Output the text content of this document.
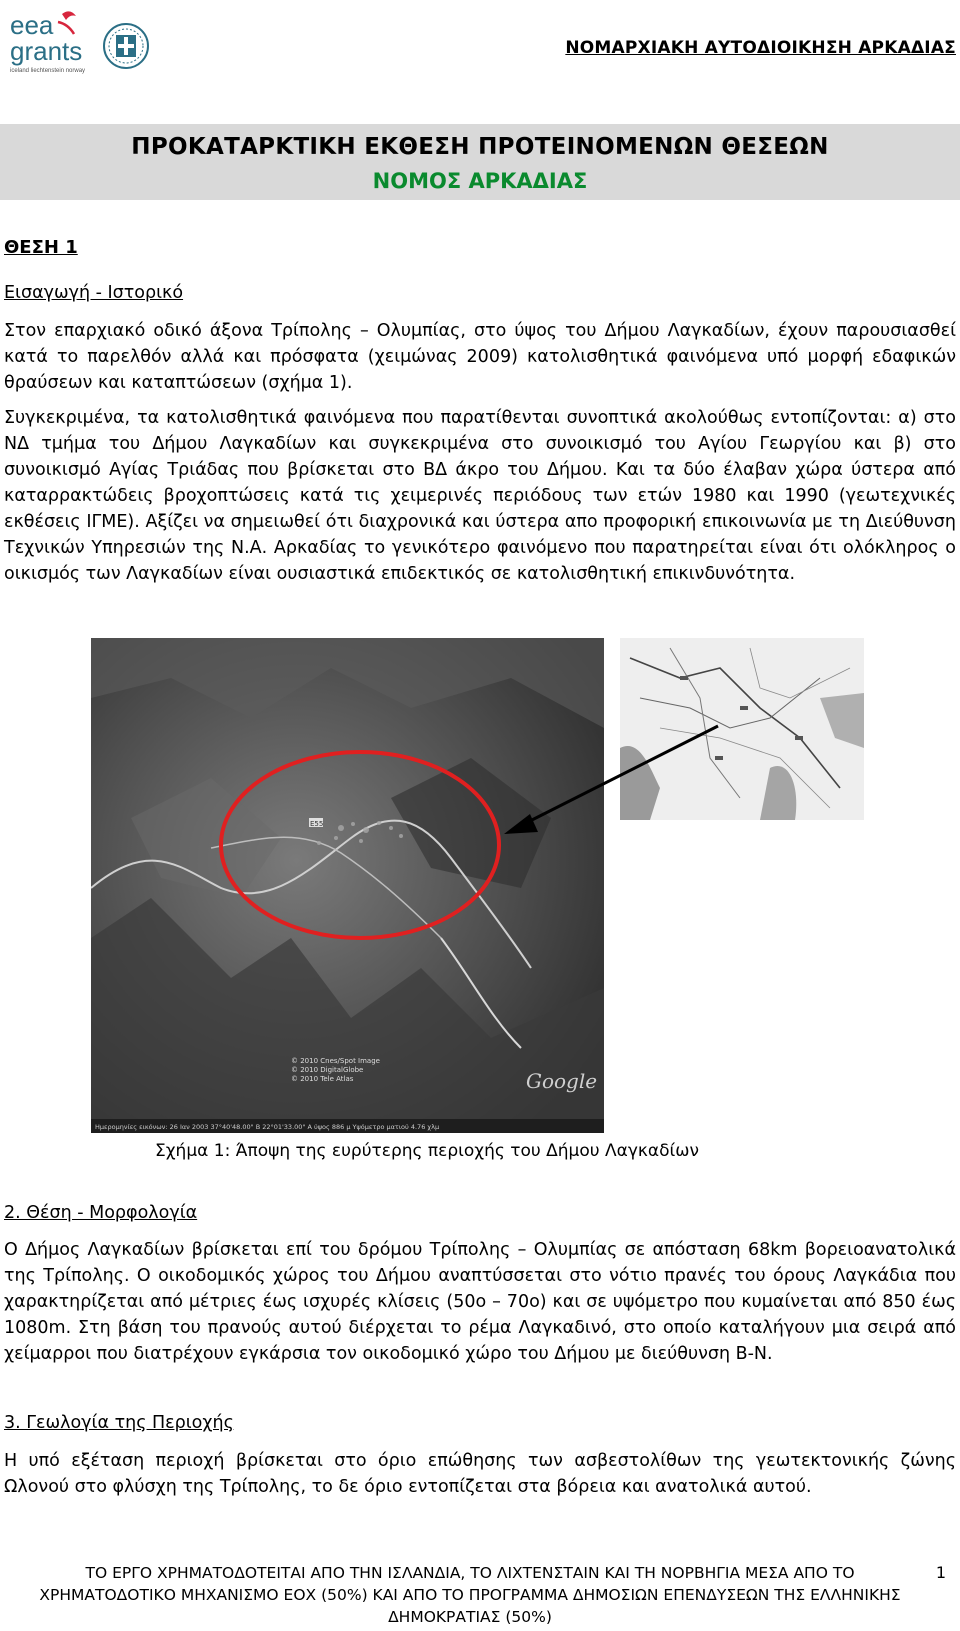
eea
grants
iceland liechtenstein norway
ΝΟΜΑΡΧΙΑΚΗ ΑΥΤΟΔΙΟΙΚΗΣΗ ΑΡΚΑΔΙΑΣ
ΠΡΟΚΑΤΑΡΚΤΙΚΗ ΕΚΘΕΣΗ ΠΡΟΤΕΙΝΟΜΕΝΩΝ ΘΕΣΕΩΝ
ΝΟΜΟΣ ΑΡΚΑΔΙΑΣ
ΘΕΣΗ 1
Εισαγωγή - Ιστορικό

Στον επαρχιακό οδικό άξονα Τρίπολης – Ολυμπίας, στο ύψος του Δήμου Λαγκαδίων, έχουν παρουσιασθεί κατά το παρελθόν αλλά και πρόσφατα (χειμώνας 2009) κατολισθητικά φαινόμενα υπό μορφή εδαφικών θραύσεων και καταπτώσεων (σχήμα 1).

Συγκεκριμένα, τα κατολισθητικά φαινόμενα που παρατίθενται συνοπτικά ακολούθως εντοπίζονται: α) στο ΝΔ τμήμα του Δήμου Λαγκαδίων και συγκεκριμένα στο συνοικισμό του Αγίου Γεωργίου και β) στο συνοικισμό Αγίας Τριάδας που βρίσκεται στο ΒΔ άκρο του Δήμου. Και τα δύο έλαβαν χώρα ύστερα από καταρρακτώδεις βροχοπτώσεις κατά τις χειμερινές περιόδους των ετών 1980 και 1990 (γεωτεχνικές εκθέσεις ΙΓΜΕ). Αξίζει να σημειωθεί ότι διαχρονικά και ύστερα απο προφορική επικοινωνία με τη Διεύθυνση Τεχνικών Υπηρεσιών της Ν.Α. Αρκαδίας το γενικότερο φαινόμενο που παρατηρείται είναι ότι ολόκληρος ο οικισμός των Λαγκαδίων είναι ουσιαστικά επιδεκτικός σε κατολισθητική επικινδυνότητα.

E55
Google
© 2010 Cnes/Spot Image
© 2010 DigitalGlobe
© 2010 Tele Atlas
Ημερομηνίες εικόνων: 26 Ιαν 2003 37°40'48.00" Β 22°01'33.00" Α ύψος 886 μ Υψόμετρο ματιού 4.76 χλμ
Σχήμα 1: Άποψη της ευρύτερης περιοχής του Δήμου Λαγκαδίων
2. Θέση - Μορφολογία

Ο Δήμος Λαγκαδίων βρίσκεται επί του δρόμου Τρίπολης – Ολυμπίας σε απόσταση 68km βορειοανατολικά της Τρίπολης. Ο οικοδομικός χώρος του Δήμου αναπτύσσεται στο νότιο πρανές του όρους Λαγκάδια που χαρακτηρίζεται από μέτριες έως ισχυρές κλίσεις (50ο – 70ο) και σε υψόμετρο που κυμαίνεται από 850 έως 1080m. Στη βάση του πρανούς αυτού διέρχεται το ρέμα Λαγκαδινό, στο οποίο καταλήγουν μια σειρά από χείμαρροι που διατρέχουν εγκάρσια τον οικοδομικό χώρο του Δήμου με διεύθυνση Β-Ν.

3. Γεωλογία της Περιοχής

Η υπό εξέταση περιοχή βρίσκεται στο όριο επώθησης των ασβεστολίθων της γεωτεκτονικής ζώνης Ωλονού στο φλύσχη της Τρίπολης, το δε όριο εντοπίζεται στα βόρεια και ανατολικά αυτού.

ΤΟ ΕΡΓΟ ΧΡΗΜΑΤΟΔΟΤΕΙΤΑΙ ΑΠΟ ΤΗΝ ΙΣΛΑΝΔΙΑ, ΤΟ ΛΙΧΤΕΝΣΤΑΙΝ ΚΑΙ ΤΗ ΝΟΡΒΗΓΙΑ ΜΕΣΑ ΑΠΟ ΤΟ ΧΡΗΜΑΤΟΔΟΤΙΚΟ ΜΗΧΑΝΙΣΜΟ ΕΟΧ (50%) ΚΑΙ ΑΠΟ ΤΟ ΠΡΟΓΡΑΜΜΑ ΔΗΜΟΣΙΩΝ ΕΠΕΝΔΥΣΕΩΝ ΤΗΣ ΕΛΛΗΝΙΚΗΣ ΔΗΜΟΚΡΑΤΙΑΣ (50%)
1
